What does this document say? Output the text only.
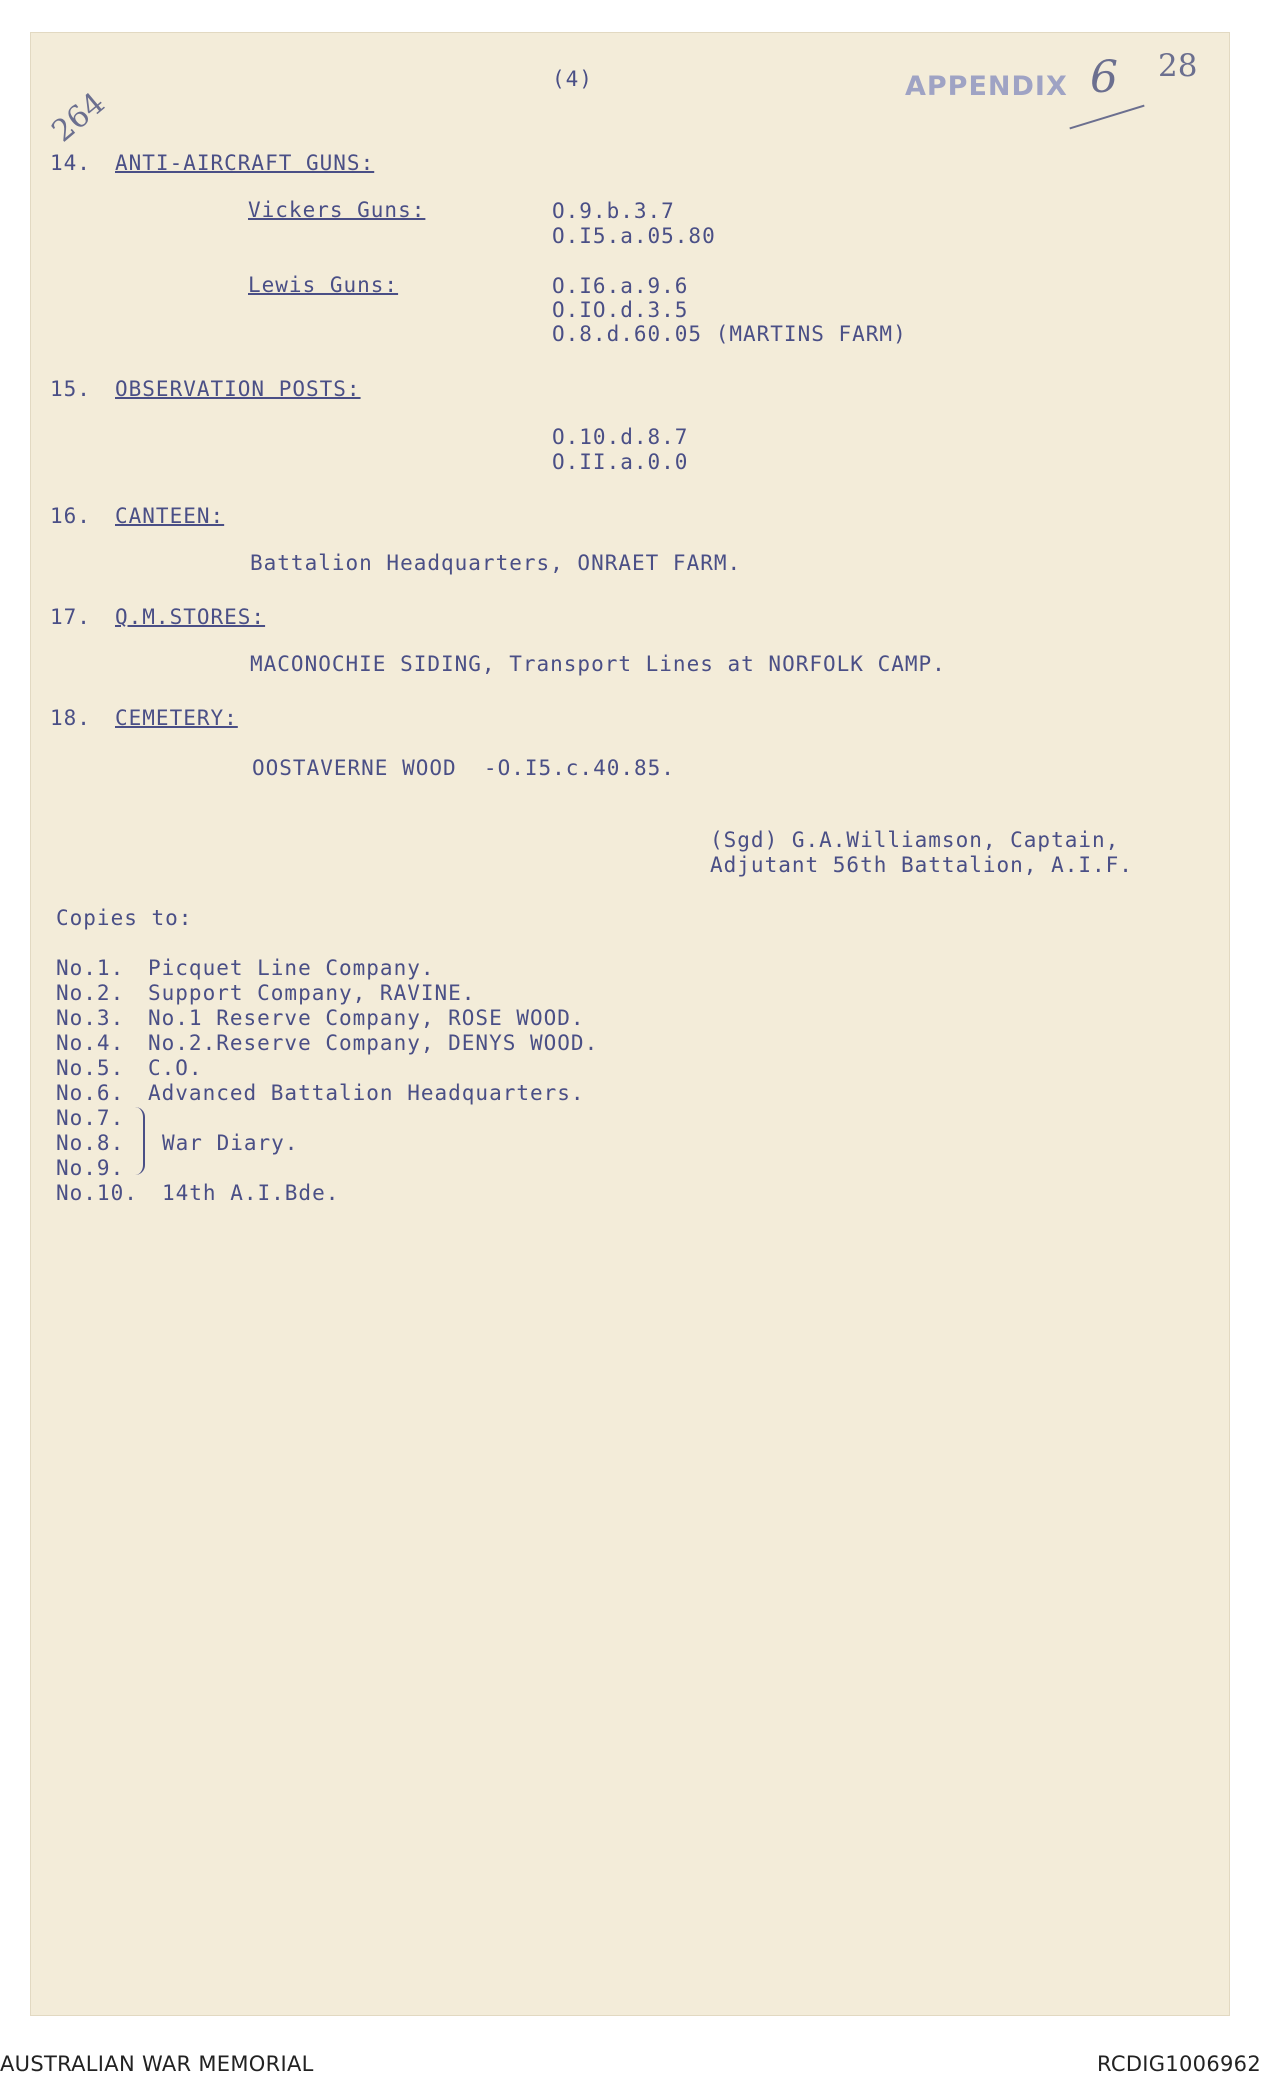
(4)	APPENDIX 6 28
264
14. ANTI-AIRCRAFT GUNS:
Vickers Guns:	O.9.b.3.7
O.I5.a.05.80
Lewis Guns:	O.I6.a.9.6
O.IO.d.3.5
O.8.d.60.05 (MARTINS FARM)
15. OBSERVATION POSTS:
O.10.d.8.7
O.II.a.0.0
16. CANTEEN:
Battalion Headquarters, ONRAET FARM.
17. Q.M.STORES:
MACONOCHIE SIDING, Transport Lines at NORFOLK CAMP.
18. CEMETERY:
OOSTAVERNE WOOD  -O.I5.c.40.85.
(Sgd) G.A.Williamson, Captain,
Adjutant 56th Battalion, A.I.F.
Copies to:
No.1. Picquet Line Company.
No.2. Support Company, RAVINE.
No.3. No.1 Reserve Company, ROSE WOOD.
No.4. No.2.Reserve Company, DENYS WOOD.
No.5. C.O.
No.6. Advanced Battalion Headquarters.
No.7.
No.8. War Diary.
No.9.
No.10. 14th A.I.Bde.
AUSTRALIAN WAR MEMORIAL	RCDIG1006962
